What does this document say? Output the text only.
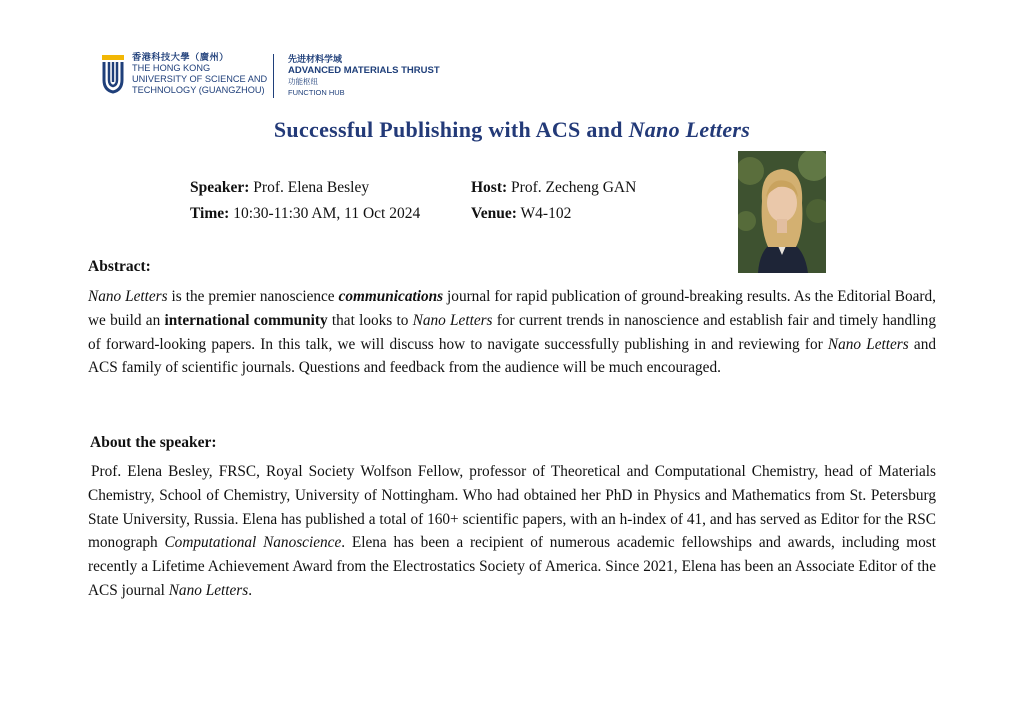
香港科技大學（廣州）
THE HONG KONG
UNIVERSITY OF SCIENCE AND
TECHNOLOGY (GUANGZHOU)
先进材料学域
ADVANCED MATERIALS THRUST
功能枢纽
FUNCTION HUB
Successful Publishing with ACS and Nano Letters
Speaker: Prof. Elena Besley	Host: Prof. Zecheng GAN
Time: 10:30-11:30 AM, 11 Oct 2024	Venue: W4-102
Abstract:
Nano Letters is the premier nanoscience communications journal for rapid publication of ground-breaking results. As the Editorial Board, we build an international community that looks to Nano Letters for current trends in nanoscience and establish fair and timely handling of forward-looking papers. In this talk, we will discuss how to navigate successfully publishing in and reviewing for Nano Letters and ACS family of scientific journals. Questions and feedback from the audience will be much encouraged.
About the speaker:
Prof. Elena Besley, FRSC, Royal Society Wolfson Fellow, professor of Theoretical and Computational Chemistry, head of Materials Chemistry, School of Chemistry, University of Nottingham. Who had obtained her PhD in Physics and Mathematics from St. Petersburg State University, Russia. Elena has published a total of 160+ scientific papers, with an h-index of 41, and has served as Editor for the RSC monograph Computational Nanoscience. Elena has been a recipient of numerous academic fellowships and awards, including most recently a Lifetime Achievement Award from the Electrostatics Society of America. Since 2021, Elena has been an Associate Editor of the ACS journal Nano Letters.
